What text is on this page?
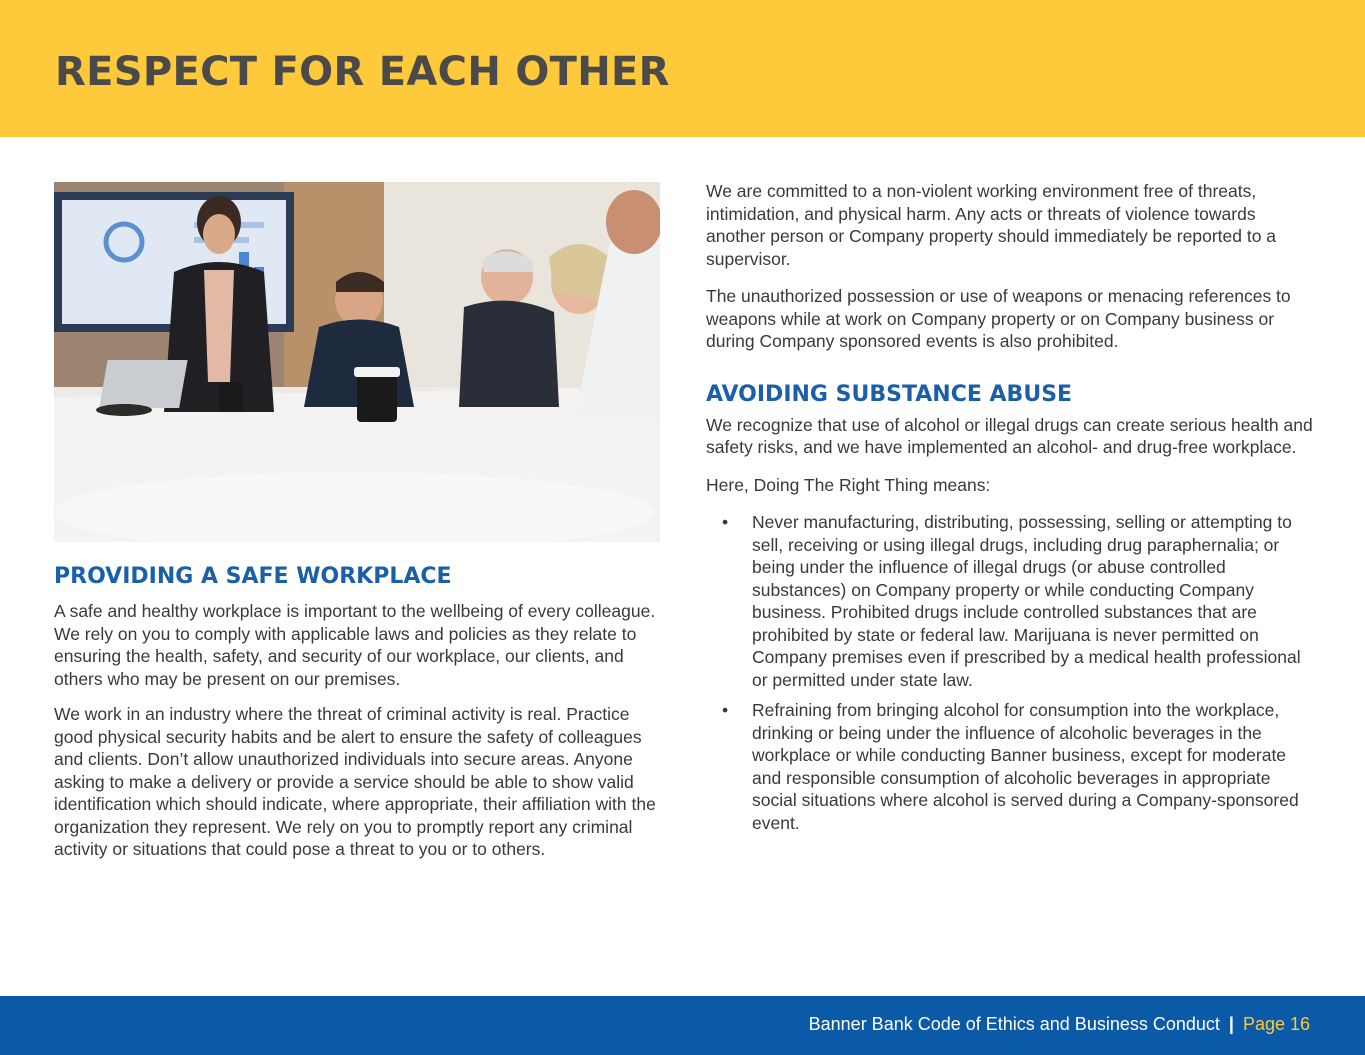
RESPECT FOR EACH OTHER
PROVIDING A SAFE WORKPLACE

A safe and healthy workplace is important to the wellbeing of every colleague. We rely on you to comply with applicable laws and policies as they relate to ensuring the health, safety, and security of our workplace, our clients, and others who may be present on our premises.

We work in an industry where the threat of criminal activity is real. Practice good physical security habits and be alert to ensure the safety of colleagues and clients. Don’t allow unauthorized individuals into secure areas. Anyone asking to make a delivery or provide a service should be able to show valid identification which should indicate, where appropriate, their affiliation with the organization they represent. We rely on you to promptly report any criminal activity or situations that could pose a threat to you or to others.

We are committed to a non-violent working environment free of threats, intimidation, and physical harm. Any acts or threats of violence towards another person or Company property should immediately be reported to a supervisor.

The unauthorized possession or use of weapons or menacing references to weapons while at work on Company property or on Company business or during Company sponsored events is also prohibited.

AVOIDING SUBSTANCE ABUSE

We recognize that use of alcohol or illegal drugs can create serious health and safety risks, and we have implemented an alcohol- and drug-free workplace.

Here, Doing The Right Thing means:

• Never manufacturing, distributing, possessing, selling or attempting to sell, receiving or using illegal drugs, including drug paraphernalia; or being under the influence of illegal drugs (or abuse controlled substances) on Company property or while conducting Company business. Prohibited drugs include controlled substances that are prohibited by state or federal law. Marijuana is never permitted on Company premises even if prescribed by a medical health professional or permitted under state law.
• Refraining from bringing alcohol for consumption into the workplace, drinking or being under the influence of alcoholic beverages in the workplace or while conducting Banner business, except for moderate and responsible consumption of alcoholic beverages in appropriate social situations where alcohol is served during a Company-sponsored event.
Banner Bank Code of Ethics and Business Conduct | Page 16
